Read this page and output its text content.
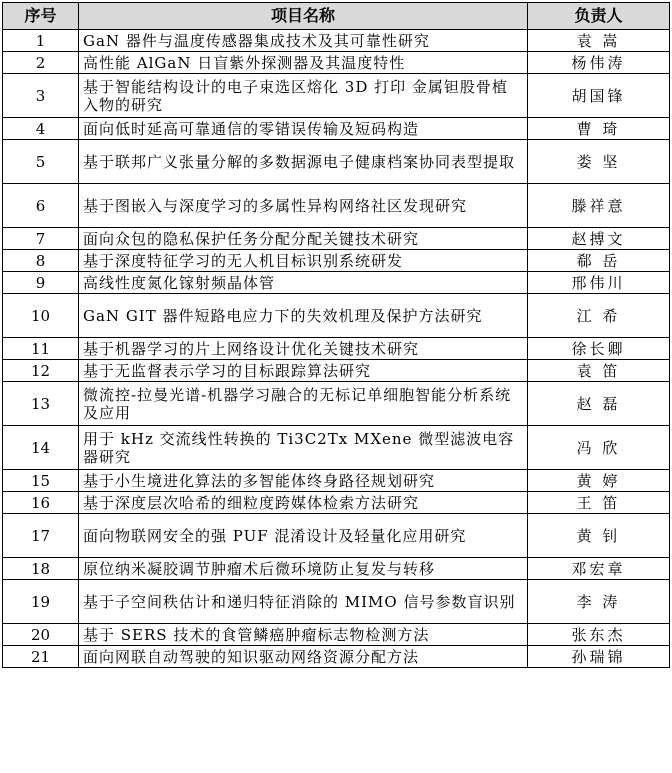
序号	项目名称	负责人
1	GaN 器件与温度传感器集成技术及其可靠性研究	袁 嵩
2	高性能 AlGaN 日盲紫外探测器及其温度特性	杨伟涛
3	基于智能结构设计的电子束选区熔化 3D 打印 金属钽股骨植入物的研究	胡国锋
4	面向低时延高可靠通信的零错误传输及短码构造	曹 琦
5	基于联邦广义张量分解的多数据源电子健康档案协同表型提取	娄 坚
6	基于图嵌入与深度学习的多属性异构网络社区发现研究	滕祥意
7	面向众包的隐私保护任务分配分配关键技术研究	赵搏文
8	基于深度特征学习的无人机目标识别系统研发	郗 岳
9	高线性度氮化镓射频晶体管	邢伟川
10	GaN GIT 器件短路电应力下的失效机理及保护方法研究	江 希
11	基于机器学习的片上网络设计优化关键技术研究	徐长卿
12	基于无监督表示学习的目标跟踪算法研究	袁 笛
13	微流控-拉曼光谱-机器学习融合的无标记单细胞智能分析系统及应用	赵 磊
14	用于 kHz 交流线性转换的 Ti3C2Tx MXene 微型滤波电容器研究	冯 欣
15	基于小生境进化算法的多智能体终身路径规划研究	黄 婷
16	基于深度层次哈希的细粒度跨媒体检索方法研究	王 笛
17	面向物联网安全的强 PUF 混淆设计及轻量化应用研究	黄 钊
18	原位纳米凝胶调节肿瘤术后微环境防止复发与转移	邓宏章
19	基于子空间秩估计和递归特征消除的 MIMO 信号参数盲识别	李 涛
20	基于 SERS 技术的食管鳞癌肿瘤标志物检测方法	张东杰
21	面向网联自动驾驶的知识驱动网络资源分配方法	孙瑞锦
